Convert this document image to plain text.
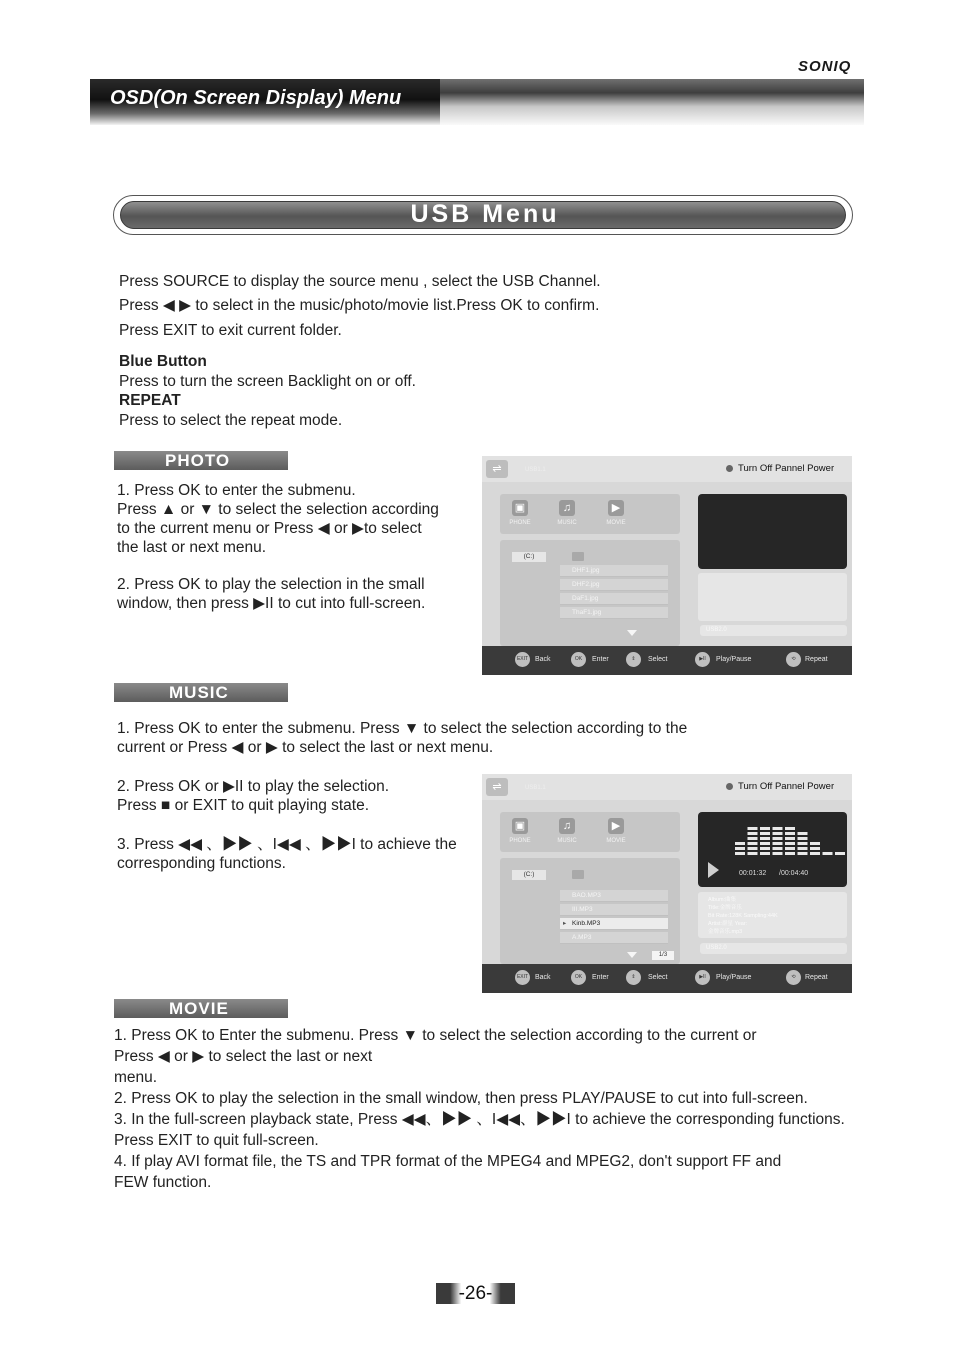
SONIQ
OSD(On Screen Display) Menu
USB Menu
Press SOURCE to display the source menu , select the USB Channel.
Press ◀ ▶ to select in the music/photo/movie list.Press OK to confirm.
Press EXIT to exit current folder.
Blue Button
Press to turn the screen Backlight on or off.
REPEAT
Press to select the repeat mode.
PHOTO
1. Press OK to enter the submenu.
Press ▲ or ▼ to select the selection according
to the current menu or Press ◀ or ▶to select
the last or next menu.
2. Press OK to play the selection in the small
window, then press ▶II to cut into full-screen.
⇌	USB1.1	Turn Off Pannel Power
▣
PHONE
♫
MUSIC
▶
MOVIE
(C:)
DHF1.jpg
DHF2.jpg
DaF1.jpg
ThaF1.jpg
USB2.0
EXIT Back	OK	Enter	⇕	Select	▶II	Play/Pause	⟲	Repeat
MUSIC
1. Press OK to enter the submenu. Press ▼ to select the selection according to the
current or Press ◀ or ▶ to select the last or next menu.
2. Press OK or ▶II to play the selection.
Press ■ or EXIT to quit playing state.
3. Press ◀◀ 、▶▶ 、I◀◀ 、▶▶I to achieve the
corresponding functions.
⇌	USB1.1	Turn Off Pannel Power
▣
PHONE
♫
MUSIC
▶
MOVIE
(C:)
BAO.MP3
III.MP3
▸ Kinb.MP3
A.MP3
1/3
00:01:32 /00:04:40
Album:曲集
Title:金牌音乐
Bit Rate:128K Sampling:44K
Artist:群星 Year:
金牌音乐.mp3
USB2.0
EXIT Back	OK	Enter	⇕	Select	▶II	Play/Pause	⟲	Repeat
MOVIE
1. Press OK to Enter the submenu. Press ▼ to select the selection according to the current or
Press ◀ or ▶ to select the last or next
menu.
2. Press OK to play the selection in the small window, then press PLAY/PAUSE to cut into full-screen.
3. In the full-screen playback state, Press ◀◀、▶▶ 、I◀◀、▶▶I to achieve the corresponding functions.
Press EXIT to quit full-screen.
4. If play AVI format file, the TS and TPR format of the MPEG4 and MPEG2, don't support FF and
FEW function.
-26-
